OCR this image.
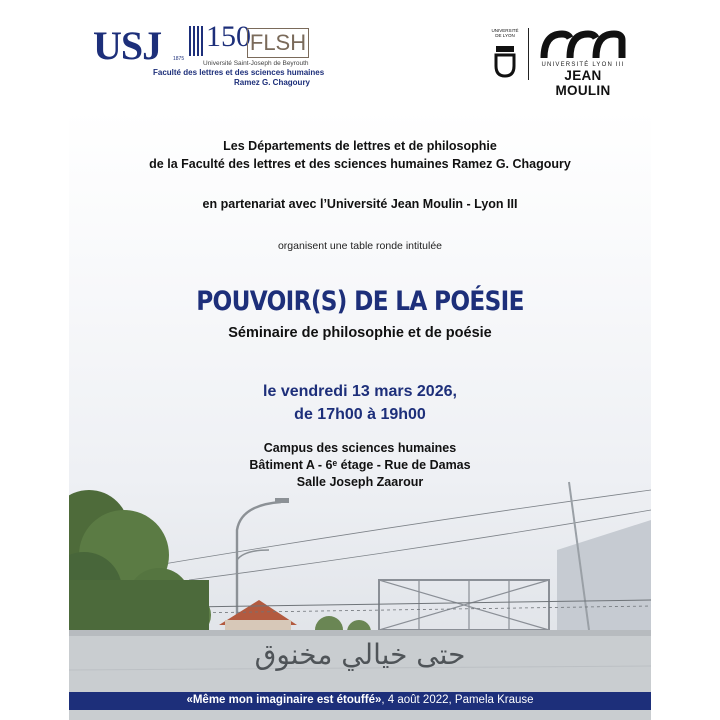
USJ 1875
150
FLSH
Université Saint-Joseph de Beyrouth
Faculté des lettres et des sciences humaines
Ramez G. Chagoury
UNIVERSITÉ DE LYON
UNIVERSITÉ LYON III
JEAN MOULIN
Les Départements de lettres et de philosophie
de la Faculté des lettres et des sciences humaines Ramez G. Chagoury
en partenariat avec l’Université Jean Moulin - Lyon III
organisent une table ronde intitulée
POUVOIR(S) DE LA POÉSIE
Séminaire de philosophie et de poésie
le vendredi 13 mars 2026,
de 17h00 à 19h00
Campus des sciences humaines
Bâtiment A - 6ᵉ étage - Rue de Damas
Salle Joseph Zaarour
حتى خيالي مخنوق
«Même mon imaginaire est étouffé», 4 août 2022, Pamela Krause
